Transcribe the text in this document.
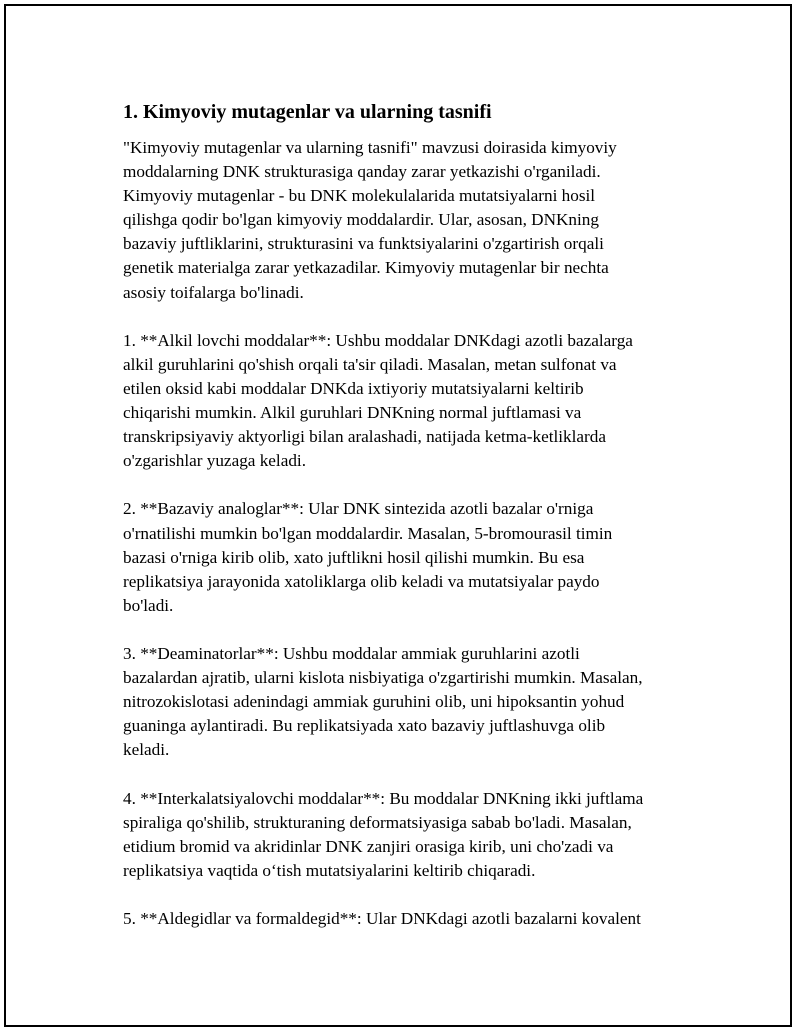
1. Kimyoviy mutagenlar va ularning tasnifi
"Kimyoviy mutagenlar va ularning tasnifi" mavzusi doirasida kimyoviy
moddalarning DNK strukturasiga qanday zarar yetkazishi o'rganiladi.
Kimyoviy mutagenlar - bu DNK molekulalarida mutatsiyalarni hosil
qilishga qodir bo'lgan kimyoviy moddalardir. Ular, asosan, DNKning
bazaviy juftliklarini, strukturasini va funktsiyalarini o'zgartirish orqali
genetik materialga zarar yetkazadilar. Kimyoviy mutagenlar bir nechta
asosiy toifalarga bo'linadi.
1. **Alkil lovchi moddalar**: Ushbu moddalar DNKdagi azotli bazalarga
alkil guruhlarini qo'shish orqali ta'sir qiladi. Masalan, metan sulfonat va
etilen oksid kabi moddalar DNKda ixtiyoriy mutatsiyalarni keltirib
chiqarishi mumkin. Alkil guruhlari DNKning normal juftlamasi va
transkripsiyaviy aktyorligi bilan aralashadi, natijada ketma-ketliklarda
o'zgarishlar yuzaga keladi.
2. **Bazaviy analoglar**: Ular DNK sintezida azotli bazalar o'rniga
o'rnatilishi mumkin bo'lgan moddalardir. Masalan, 5-bromourasil timin
bazasi o'rniga kirib olib, xato juftlikni hosil qilishi mumkin. Bu esa
replikatsiya jarayonida xatoliklarga olib keladi va mutatsiyalar paydo
bo'ladi.
3. **Deaminatorlar**: Ushbu moddalar ammiak guruhlarini azotli
bazalardan ajratib, ularni kislota nisbiyatiga o'zgartirishi mumkin. Masalan,
nitrozokislotasi adenindagi ammiak guruhini olib, uni hipoksantin yohud
guaninga aylantiradi. Bu replikatsiyada xato bazaviy juftlashuvga olib
keladi.
4. **Interkalatsiyalovchi moddalar**: Bu moddalar DNKning ikki juftlama
spiraliga qo'shilib, strukturaning deformatsiyasiga sabab bo'ladi. Masalan,
etidium bromid va akridinlar DNK zanjiri orasiga kirib, uni cho'zadi va
replikatsiya vaqtida o‘tish mutatsiyalarini keltirib chiqaradi.
5. **Aldegidlar va formaldegid**: Ular DNKdagi azotli bazalarni kovalent
